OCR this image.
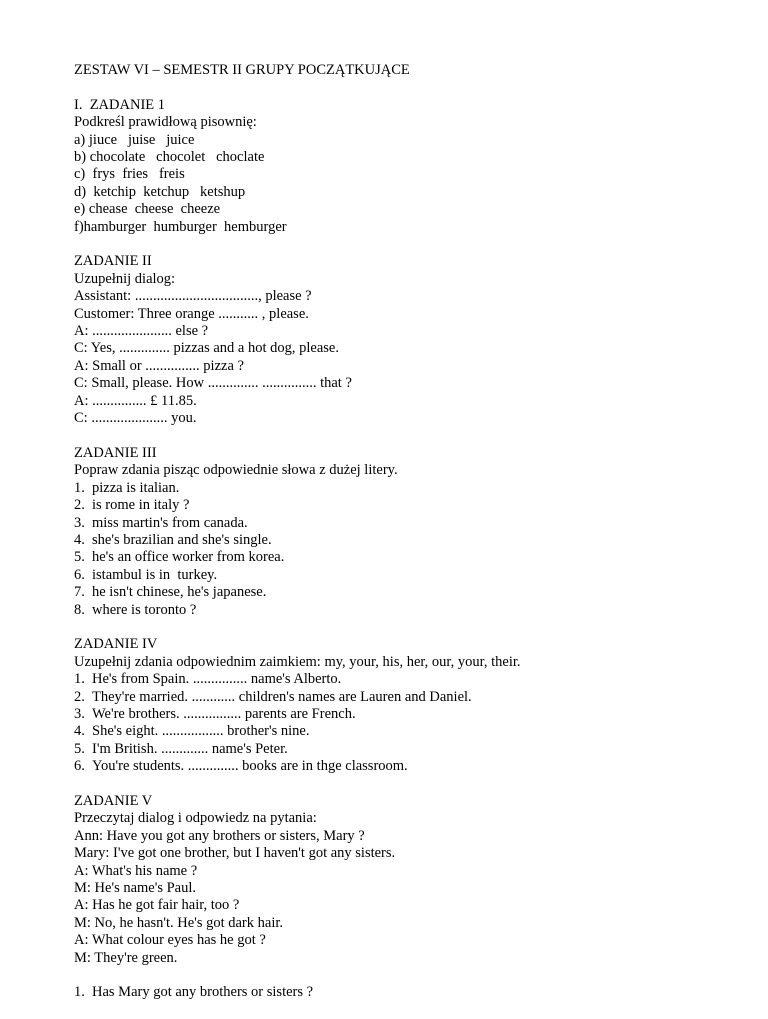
ZESTAW VI – SEMESTR II GRUPY POCZĄTKUJĄCE
I.  ZADANIE 1
Podkreśl prawidłową pisownię:
a) jiuce   juise   juice
b) chocolate   chocolet   choclate
c)  frys  fries   freis
d)  ketchip  ketchup   ketshup
e) chease  cheese  cheeze
f)hamburger  humburger  hemburger
ZADANIE II
Uzupełnij dialog:
Assistant: .................................., please ?
Customer: Three orange ........... , please.
A: ...................... else ?
C: Yes, .............. pizzas and a hot dog, please.
A: Small or ............... pizza ?
C: Small, please. How .............. ............... that ?
A: ............... £ 11.85.
C: ..................... you.
ZADANIE III
Popraw zdania pisząc odpowiednie słowa z dużej litery.
1. pizza is italian.
2. is rome in italy ?
3. miss martin's from canada.
4. she's brazilian and she's single.
5. he's an office worker from korea.
6. istambul is in  turkey.
7. he isn't chinese, he's japanese.
8. where is toronto ?
ZADANIE IV
Uzupełnij zdania odpowiednim zaimkiem: my, your, his, her, our, your, their.
1. He's from Spain. ............... name's Alberto.
2. They're married. ............ children's names are Lauren and Daniel.
3. We're brothers. ................ parents are French.
4. She's eight. ................. brother's nine.
5. I'm British. ............. name's Peter.
6. You're students. .............. books are in thge classroom.
ZADANIE V
Przeczytaj dialog i odpowiedz na pytania:
Ann: Have you got any brothers or sisters, Mary ?
Mary: I've got one brother, but I haven't got any sisters.
A: What's his name ?
M: He's name's Paul.
A: Has he got fair hair, too ?
M: No, he hasn't. He's got dark hair.
A: What colour eyes has he got ?
M: They're green.
1. Has Mary got any brothers or sisters ?
